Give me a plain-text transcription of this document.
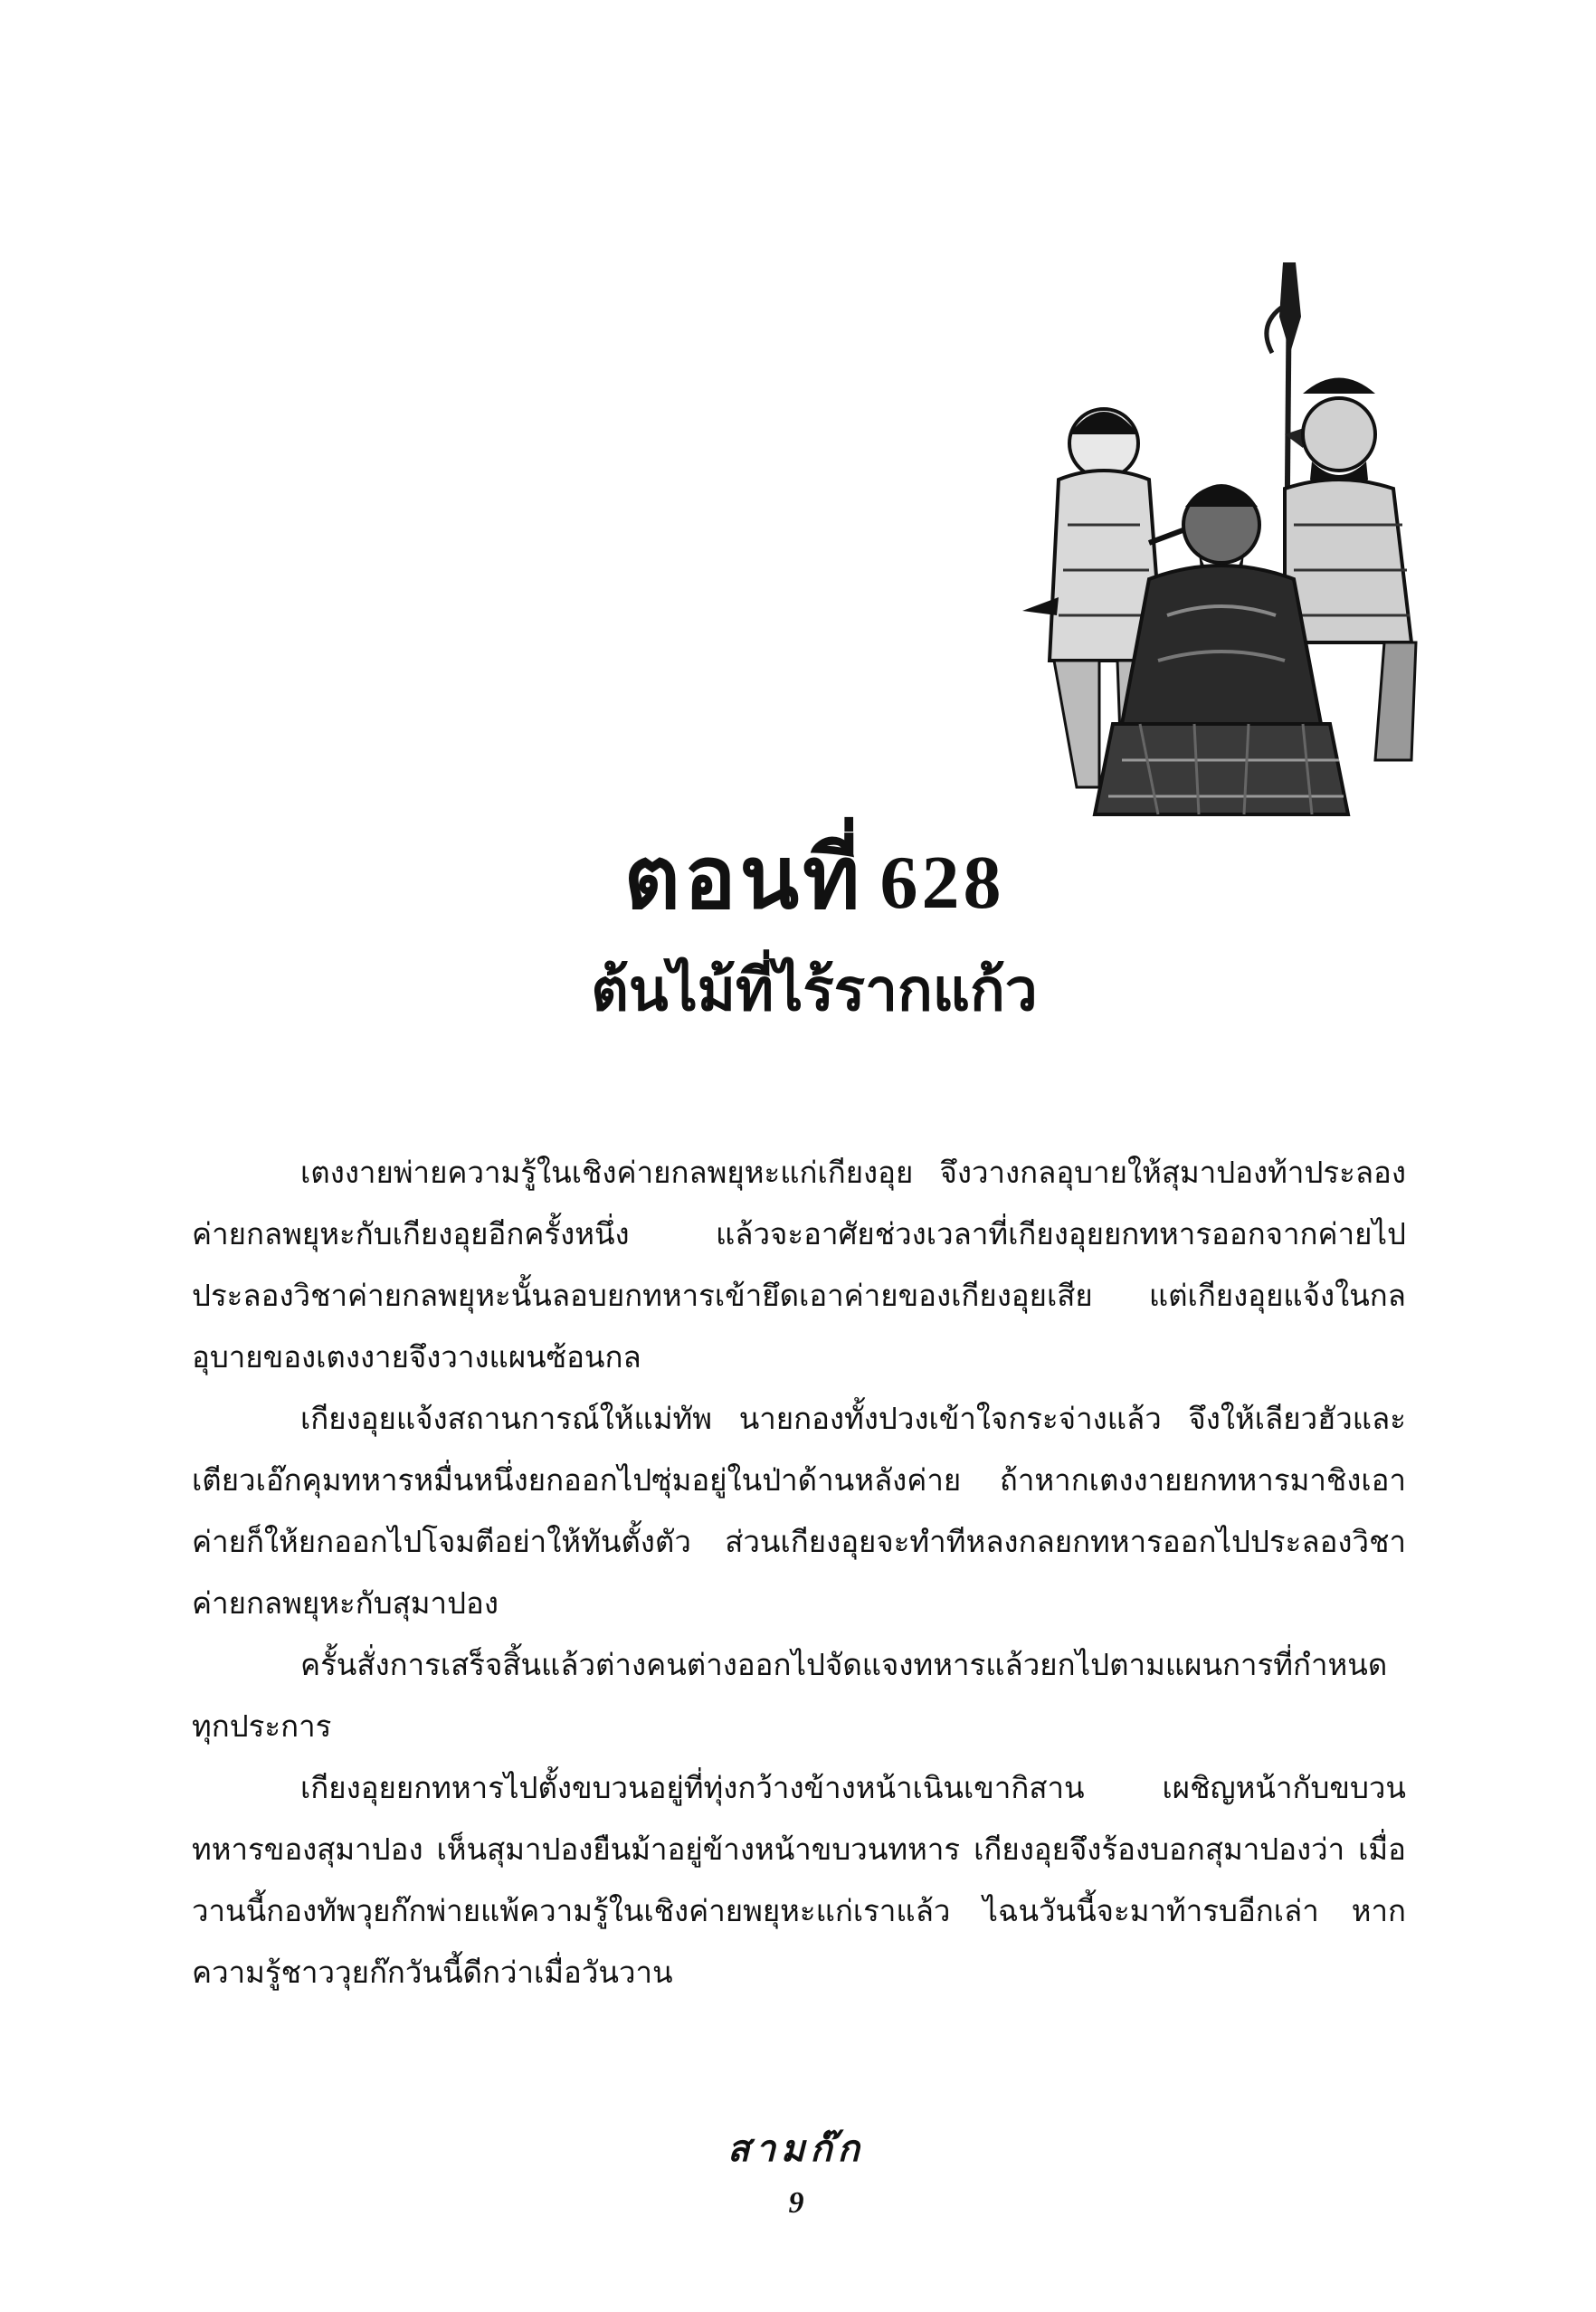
ตอนที่ 628
ต้นไม้ที่ไร้รากแก้ว

เตงงายพ่ายความรู้ในเชิงค่ายกลพยุหะแก่เกียงอุย จึงวางกลอุบายให้สุมาปองท้าประลองค่ายกลพยุหะกับเกียงอุยอีกครั้งหนึ่ง แล้วจะอาศัยช่วงเวลาที่เกียงอุยยกทหารออกจากค่ายไปประลองวิชาค่ายกลพยุหะนั้นลอบยกทหารเข้ายึดเอาค่ายของเกียงอุยเสีย แต่เกียงอุยแจ้งในกลอุบายของเตงงายจึงวางแผนซ้อนกล

เกียงอุยแจ้งสถานการณ์ให้แม่ทัพ นายกองทั้งปวงเข้าใจกระจ่างแล้ว จึงให้เลียวฮัวและเตียวเอ๊กคุมทหารหมื่นหนึ่งยกออกไปซุ่มอยู่ในป่าด้านหลังค่าย ถ้าหากเตงงายยกทหารมาชิงเอาค่ายก็ให้ยกออกไปโจมตีอย่าให้ทันตั้งตัว ส่วนเกียงอุยจะทำทีหลงกลยกทหารออกไปประลองวิชาค่ายกลพยุหะกับสุมาปอง

ครั้นสั่งการเสร็จสิ้นแล้วต่างคนต่างออกไปจัดแจงทหารแล้วยกไปตามแผนการที่กำหนดทุกประการ

เกียงอุยยกทหารไปตั้งขบวนอยู่ที่ทุ่งกว้างข้างหน้าเนินเขากิสาน เผชิญหน้ากับขบวนทหารของสุมาปอง เห็นสุมาปองยืนม้าอยู่ข้างหน้าขบวนทหาร เกียงอุยจึงร้องบอกสุมาปองว่า เมื่อวานนี้กองทัพวุยก๊กพ่ายแพ้ความรู้ในเชิงค่ายพยุหะแก่เราแล้ว ไฉนวันนี้จะมาท้ารบอีกเล่า หากความรู้ชาววุยก๊กวันนี้ดีกว่าเมื่อวันวาน

สามก๊ก
9
